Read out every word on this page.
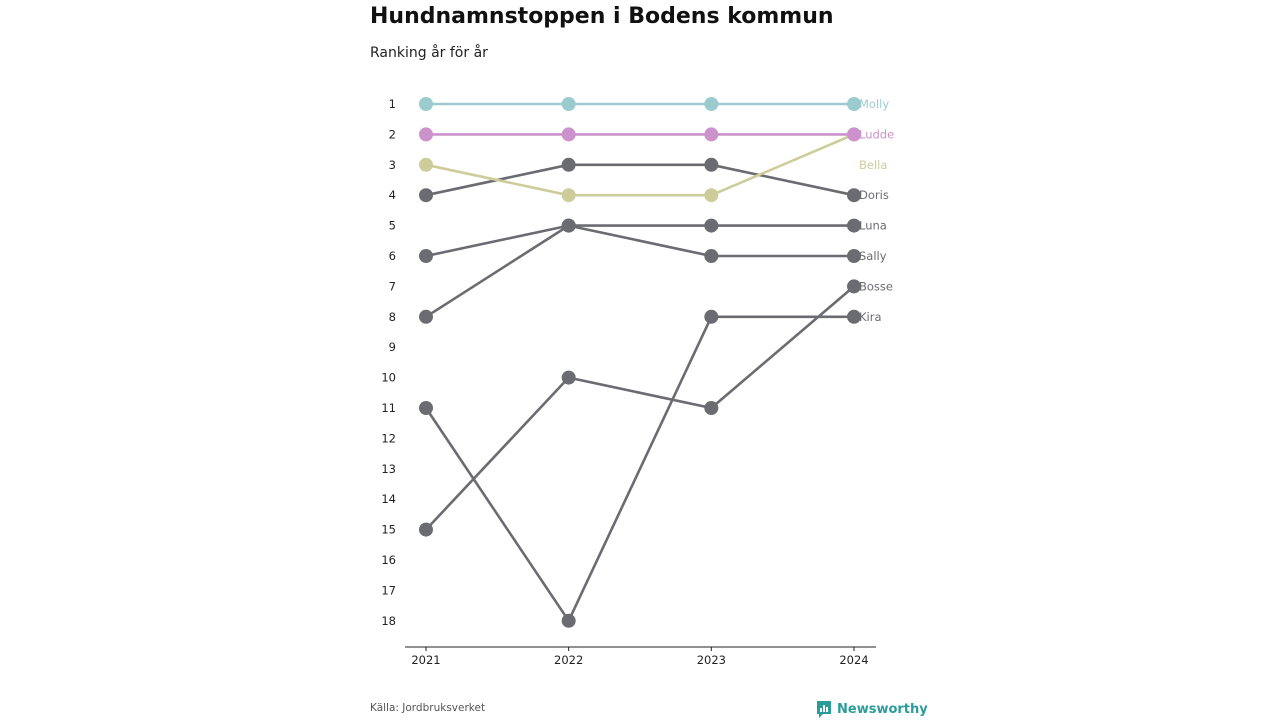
Hundnamnstoppen i Bodens kommun
Ranking år för år
1
2
3
4
5
6
7
8
9
10
11
12
13
14
15
16
17
18
2021	2022	2023	2024
Molly
Ludde
Bella
Doris
Luna
Sally
Bosse
Kira
Källa: Jordbruksverket	Newsworthy
